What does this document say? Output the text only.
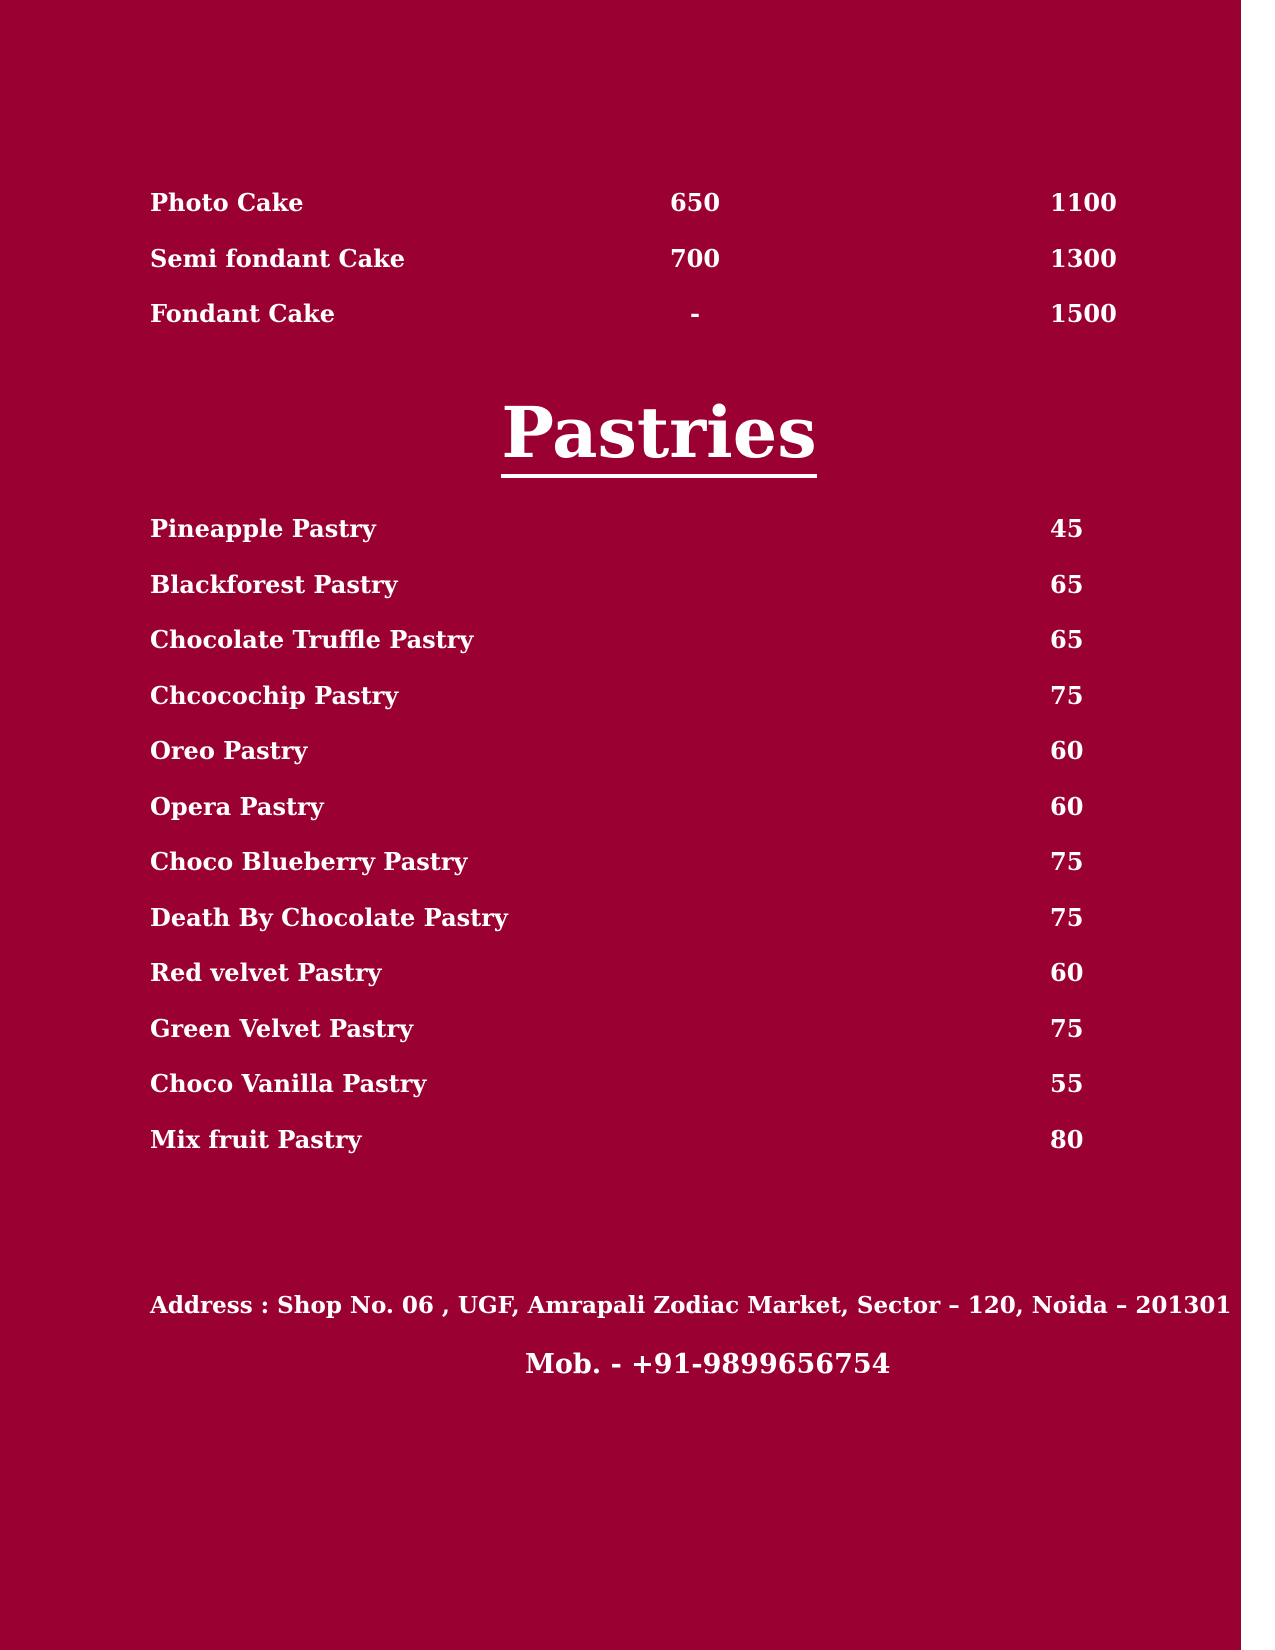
Photo Cake	650	1100
Semi fondant Cake	700	1300
Fondant Cake	-	1500
Pastries
Pineapple Pastry	45
Blackforest Pastry	65
Chocolate Truffle Pastry	65
Chcocochip Pastry	75
Oreo Pastry	60
Opera Pastry	60
Choco Blueberry Pastry	75
Death By Chocolate Pastry	75
Red velvet Pastry	60
Green Velvet Pastry	75
Choco Vanilla Pastry	55
Mix fruit Pastry	80
Address : Shop No. 06 , UGF, Amrapali Zodiac Market, Sector – 120, Noida – 201301
Mob. - +91-9899656754
